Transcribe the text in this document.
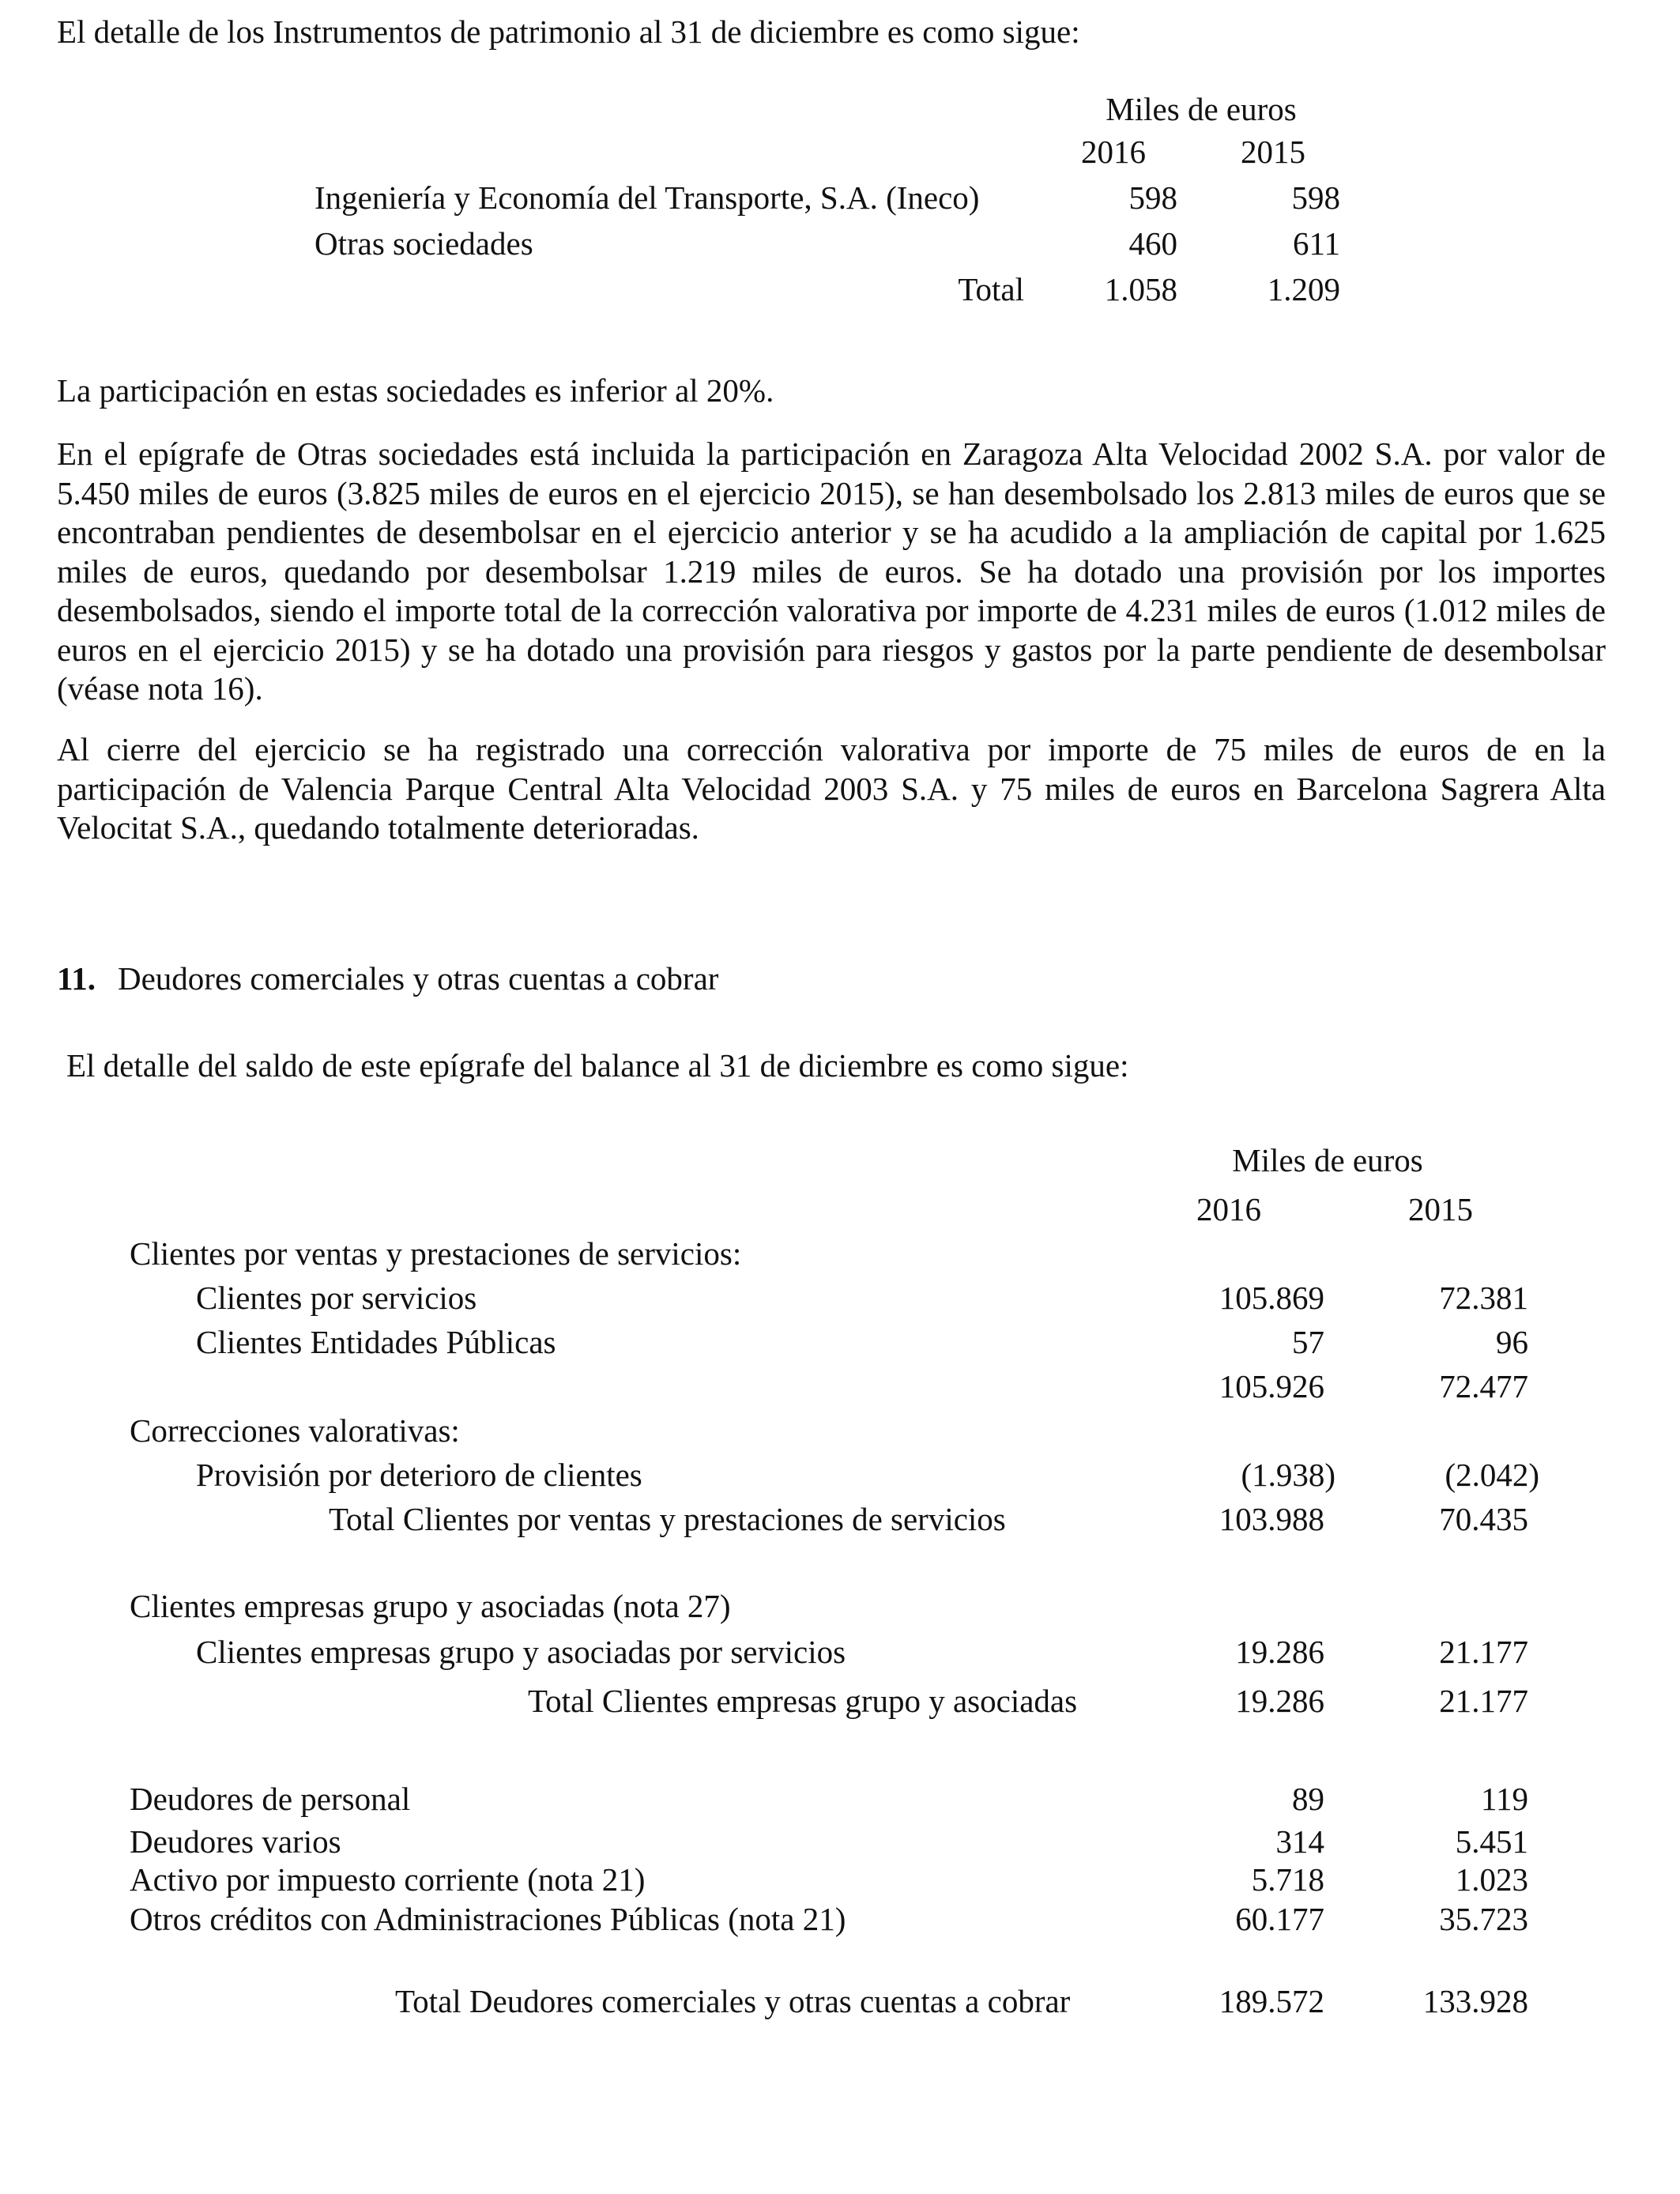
El detalle de los Instrumentos de patrimonio al 31 de diciembre es como sigue:
Miles de euros
2016	2015
Ingeniería y Economía del Transporte, S.A. (Ineco)	598	598
Otras sociedades	460	611
Total	1.058	1.209

La participación en estas sociedades es inferior al 20%.

En el epígrafe de Otras sociedades está incluida la participación en Zaragoza Alta Velocidad 2002 S.A. por valor de 5.450 miles de euros (3.825 miles de euros en el ejercicio 2015), se han desembolsado los 2.813 miles de euros que se encontraban pendientes de desembolsar en el ejercicio anterior y se ha acudido a la ampliación de capital por 1.625 miles de euros, quedando por desembolsar 1.219 miles de euros. Se ha dotado una provisión por los importes desembolsados, siendo el importe total de la corrección valorativa por importe de 4.231 miles de euros (1.012 miles de euros en el ejercicio 2015) y se ha dotado una provisión para riesgos y gastos por la parte pendiente de desembolsar (véase nota 16).

Al cierre del ejercicio se ha registrado una corrección valorativa por importe de 75 miles de euros de en la participación de Valencia Parque Central Alta Velocidad 2003 S.A. y 75 miles de euros en Barcelona Sagrera Alta Velocitat S.A., quedando totalmente deterioradas.

11. Deudores comerciales y otras cuentas a cobrar
El detalle del saldo de este epígrafe del balance al 31 de diciembre es como sigue:
Miles de euros
2016	2015
Clientes por ventas y prestaciones de servicios:
Clientes por servicios	105.869	72.381
Clientes Entidades Públicas	57	96
105.926	72.477
Correcciones valorativas:
Provisión por deterioro de clientes	(1.938)	(2.042)
Total Clientes por ventas y prestaciones de servicios	103.988	70.435
Clientes empresas grupo y asociadas (nota 27)
Clientes empresas grupo y asociadas por servicios	19.286	21.177
Total Clientes empresas grupo y asociadas	19.286	21.177
Deudores de personal	89	119
Deudores varios	314	5.451
Activo por impuesto corriente (nota 21)	5.718	1.023
Otros créditos con Administraciones Públicas (nota 21)	60.177	35.723
Total Deudores comerciales y otras cuentas a cobrar	189.572	133.928
